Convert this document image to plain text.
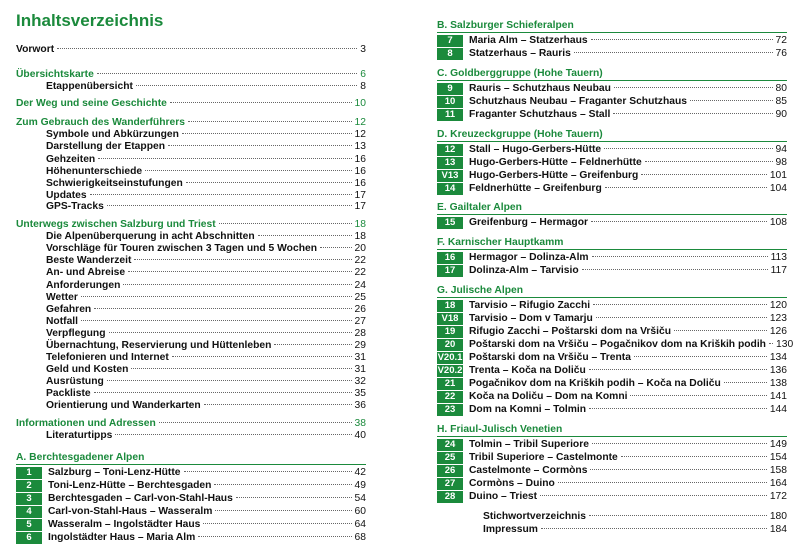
Inhaltsverzeichnis
Vorwort	3
Übersichtskarte	6
Etappenübersicht	8
Der Weg und seine Geschichte	10
Zum Gebrauch des Wanderführers	12
Symbole und Abkürzungen	12
Darstellung der Etappen	13
Gehzeiten	16
Höhenunterschiede	16
Schwierigkeitseinstufungen	16
Updates	17
GPS-Tracks	17
Unterwegs zwischen Salzburg und Triest	18
Die Alpenüberquerung in acht Abschnitten	18
Vorschläge für Touren zwischen 3 Tagen und 5 Wochen	20
Beste Wanderzeit	22
An- und Abreise	22
Anforderungen	24
Wetter	25
Gefahren	26
Notfall	27
Verpflegung	28
Übernachtung, Reservierung und Hüttenleben	29
Telefonieren und Internet	31
Geld und Kosten	31
Ausrüstung	32
Packliste	35
Orientierung und Wanderkarten	36
Informationen und Adressen	38
Literaturtipps	40
A. Berchtesgadener Alpen
1	Salzburg – Toni-Lenz-Hütte	42
2	Toni-Lenz-Hütte – Berchtesgaden	49
3	Berchtesgaden – Carl-von-Stahl-Haus	54
4	Carl-von-Stahl-Haus – Wasseralm	60
5	Wasseralm – Ingolstädter Haus	64
6	Ingolstädter Haus – Maria Alm	68
B. Salzburger Schieferalpen
7	Maria Alm – Statzerhaus	72
8	Statzerhaus – Rauris	76
C. Goldberggruppe (Hohe Tauern)
9	Rauris – Schutzhaus Neubau	80
10	Schutzhaus Neubau – Fraganter Schutzhaus	85
11	Fraganter Schutzhaus – Stall	90
D. Kreuzeckgruppe (Hohe Tauern)
12	Stall – Hugo-Gerbers-Hütte	94
13	Hugo-Gerbers-Hütte – Feldnerhütte	98
V13	Hugo-Gerbers-Hütte – Greifenburg	101
14	Feldnerhütte – Greifenburg	104
E. Gailtaler Alpen
15	Greifenburg – Hermagor	108
F. Karnischer Hauptkamm
16	Hermagor – Dolinza-Alm	113
17	Dolinza-Alm – Tarvisio	117
G. Julische Alpen
18	Tarvisio – Rifugio Zacchi	120
V18	Tarvisio – Dom v Tamarju	123
19	Rifugio Zacchi – Poštarski dom na Vršiču	126
20	Poštarski dom na Vršiču – Pogačnikov dom na Kriških podih 130
V20.1 Poštarski dom na Vršiču – Trenta	134
V20.2 Trenta – Koča na Doliču	136
21	Pogačnikov dom na Kriških podih – Koča na Doliču	138
22	Koča na Doliču – Dom na Komni	141
23	Dom na Komni – Tolmin	144
H. Friaul-Julisch Venetien
24	Tolmin – Tribil Superiore	149
25	Tribil Superiore – Castelmonte	154
26	Castelmonte – Cormòns	158
27	Cormòns – Duino	164
28	Duino – Triest	172
Stichwortverzeichnis	180
Impressum	184
